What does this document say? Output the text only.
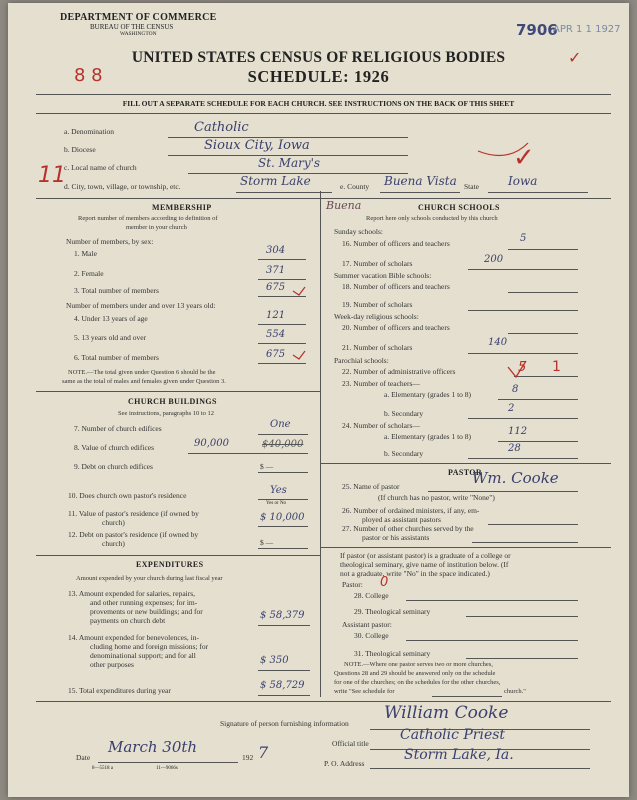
DEPARTMENT OF COMMERCE
BUREAU OF THE CENSUS
WASHINGTON	7906
APR 1 1 1927
UNITED STATES CENSUS OF RELIGIOUS BODIES
SCHEDULE: 1926
FILL OUT A SEPARATE SCHEDULE FOR EACH CHURCH. SEE INSTRUCTIONS ON THE BACK OF THIS SHEET
8 8
11
✓
✓
a. Denomination	Catholic
b. Diocese	Sioux City, Iowa
c. Local name of church	St. Mary's
d. City, town, village, or township, etc.	Storm Lake	e. County Buena Vista State Iowa
MEMBERSHIP
Report number of members according to definition of
member in your church
Number of members, by sex:
1. Male	304
2. Female	371
3. Total number of members	675
Number of members under and over 13 years old:
4. Under 13 years of age	121
5. 13 years old and over	554
6. Total number of members	675
NOTE.—The total given under Question 6 should be the
same as the total of males and females given under Question 3.
CHURCH BUILDINGS
See instructions, paragraphs 10 to 12
7. Number of church edifices	One
8. Value of church edifices	90,000	$40,000
9. Debt on church edifices	$ —
10. Does church own pastor's residence	Yes
Yes or No
11. Value of pastor's residence (if owned by
church)	$ 10,000
12. Debt on pastor's residence (if owned by
church)	$ —
EXPENDITURES
Amount expended by your church during last fiscal year
13. Amount expended for salaries, repairs,
and other running expenses; for im-
provements or new buildings; and for
payments on church debt	$ 58,379
14. Amount expended for benevolences, in-
cluding home and foreign missions; for
denominational support; and for all
other purposes	$ 350
15. Total expenditures during year	$ 58,729
Buena	CHURCH SCHOOLS
Report here only schools conducted by this church
Sunday schools:
16. Number of officers and teachers	5
17. Number of scholars	200
Summer vacation Bible schools:
18. Number of officers and teachers
19. Number of scholars
Week-day religious schools:
20. Number of officers and teachers
21. Number of scholars	140
Parochial schools:
22. Number of administrative officers	5 1
23. Number of teachers—
a. Elementary (grades 1 to 8)	8
b. Secondary	2
24. Number of scholars—
a. Elementary (grades 1 to 8)	112
b. Secondary	28
PASTOR
25. Name of pastor	Wm. Cooke
(If church has no pastor, write "None")
26. Number of ordained ministers, if any, em-
ployed as assistant pastors
27. Number of other churches served by the
pastor or his assistants
If pastor (or assistant pastor) is a graduate of a college or
theological seminary, give name of institution below. (If
not a graduate, write "No" in the space indicated.)
Pastor: 0
28. College
29. Theological seminary
Assistant pastor:
30. College
31. Theological seminary
NOTE.—Where one pastor serves two or more churches,
Questions 28 and 29 should be answered only on the schedule
for one of the churches; on the schedules for the other churches,
write "See schedule for	church."
Signature of person furnishing information
William Cooke
Official title
Catholic Priest
Date
March 30th
192 7
P. O. Address
Storm Lake, Ia.
8—5518 a	11—9066s
